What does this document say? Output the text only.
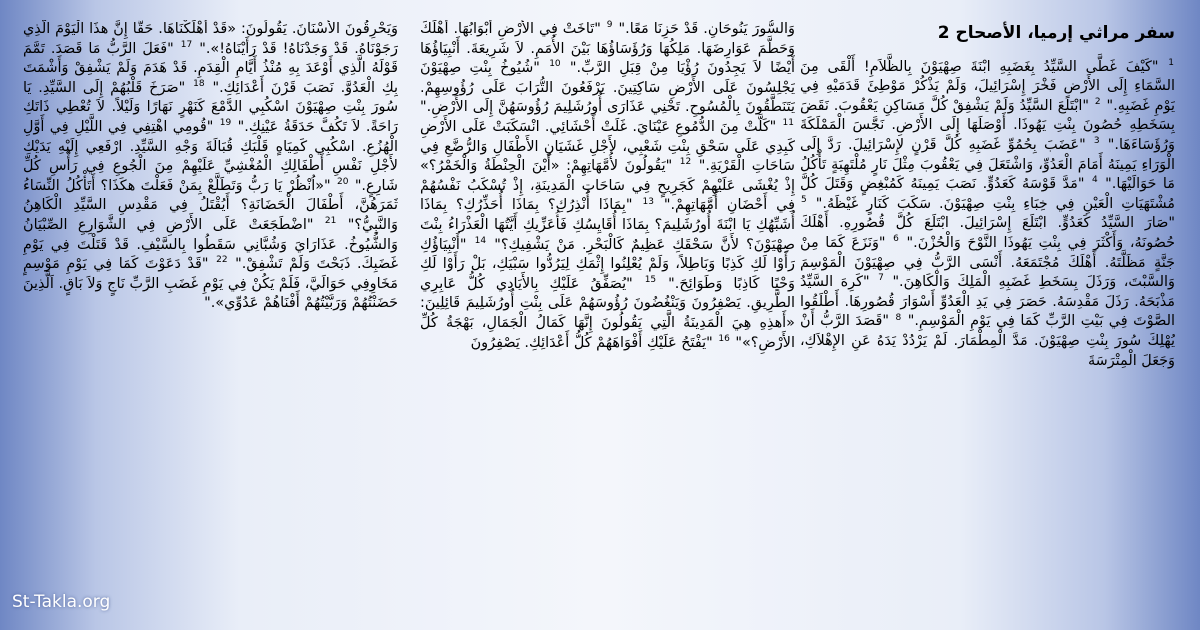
سفر مراثي إرميا، الأصحاح 2
$^1$ "كَيْفَ غَطَّى السَّيِّدُ بِغَضَبِهِ ابْنَةَ صِهْيَوْنَ بِالظَّلاَمِ! أَلْقَى مِنَ السَّمَاءِ إِلَى الأَرْضِ فَخْرَ إِسْرَائِيلَ، وَلَمْ يَذْكُرْ مَوْطِئَ قَدَمَيْهِ فِي يَوْمِ غَضَبِهِ." $^2$ "ابْتَلَعَ السَّيِّدُ وَلَمْ يَشْفِقْ كُلَّ مَسَاكِنِ يَعْقُوبَ. نَقَضَ بِسَخَطِهِ حُصُونَ بِنْتِ يَهُوذَا. أَوْصَلَهَا إِلَى الأَرْضِ. نَجَّسَ الْمَمْلَكَةَ وَرُؤَسَاءَهَا." $^3$ "عَضَبَ بِحُمُوِّ غَضَبِهِ كُلَّ قَرْنٍ لإِسْرَائِيلَ. رَدَّ إِلَى الْوَرَاءِ يَمِينَهُ أَمَامَ الْعَدُوِّ، وَاشْتَعَلَ فِي يَعْقُوبَ مِثْلَ نَارٍ مُلْتَهِبَةٍ تَأْكُلُ مَا حَوَالَيْهَا." $^4$ "مَدَّ قَوْسَهُ كَعَدُوٍّ. نَصَبَ يَمِينَهُ كَمُبْغِضٍ وَقَتَلَ كُلَّ مُشْتَهَيَاتِ الْعَيْنِ فِي خِبَاءِ بِنْتِ صِهْيَوْنَ. سَكَبَ كَنَارٍ غَيْظَهُ." $^5$ "صَارَ السَّيِّدُ كَعَدُوٍّ. ابْتَلَعَ إِسْرَائِيلَ. ابْتَلَعَ كُلَّ قُصُورِهِ. أَهْلَكَ حُصُونَهُ، وَأَكْثَرَ فِي بِنْتِ يَهُوذَا النَّوْحَ وَالْحُزْنَ." $^6$ "وَنَزَعَ كَمَا مِنْ جَنَّةٍ مَظَلَّتَهُ. أَهْلَكَ مُجْتَمَعَهُ. أَنْسَى الرَّبُّ فِي صِهْيَوْنَ الْمَوْسِمَ وَالسَّبْتَ، وَرَذَلَ بِسَخَطِ غَضَبِهِ الْمَلِكَ وَالْكَاهِنَ." $^7$ "كَرِهَ السَّيِّدُ مَذْبَحَهُ. رَذَلَ مَقْدِسَهُ. حَصَرَ فِي يَدِ الْعَدُوِّ أَسْوَارَ قُصُورِهَا. أَطْلَقُوا الصَّوْتَ فِي بَيْتِ الرَّبِّ كَمَا فِي يَوْمِ الْمَوْسِمِ." $^8$ "قَصَدَ الرَّبُّ أَنْ يُهْلِكَ سُورَ بِنْتِ صِهْيَوْنَ. مَدَّ الْمِطْمَارَ. لَمْ يَرْدُدْ يَدَهُ عَنِ الإِهْلاَكِ، وَجَعَلَ الْمِتْرَسَةَ
وَالسُّورَ يَنُوحَانِ. قَدْ حَزِنَا مَعًا." $^9$ "تَاخَتْ فِي الأَرْضِ أَبْوَابُهَا. أَهْلَكَ وَحَطَّمَ عَوَارِضَهَا. مَلِكُهَا وَرُؤَسَاؤُهَا بَيْنَ الأُمَمِ. لاَ شَرِيعَةَ. أَنْبِيَاؤُهَا أَيْضًا لاَ يَجِدُونَ رُؤْيَا مِنْ قِبَلِ الرَّبِّ." $^{10}$ "شُيُوخُ بِنْتِ صِهْيَوْنَ يَجْلِسُونَ عَلَى الأَرْضِ سَاكِتِينَ. يَرْفَعُونَ التُّرَابَ عَلَى رُؤُوسِهِمْ. يَتَنَطَّقُونَ بِالْمُسُوحِ. تَحْنِي عَذَارَى أُورُشَلِيمَ رُؤُوسَهُنَّ إِلَى الأَرْضِ." $^{11}$ "كَلَّتْ مِنَ الدُّمُوعِ عَيْنَايَ. غَلَتْ أَحْشَائِي. انْسَكَبَتْ عَلَى الأَرْضِ كَبِدِي عَلَى سَحْقِ بِنْتِ شَعْبِي، لأَجْلِ غَشَيَانِ الأَطْفَالِ وَالرُّضَّعِ فِي سَاحَاتِ الْقَرْيَةِ." $^{12}$ "يَقُولُونَ لأُمَّهَاتِهِمْ: «أَيْنَ الْحِنْطَةُ وَالْخَمْرُ؟» إِذْ يُغْشَى عَلَيْهِمْ كَجَرِيحٍ فِي سَاحَاتِ الْمَدِينَةِ، إِذْ تُسْكَبُ نَفْسُهُمْ فِي أَحْضَانِ أُمَّهَاتِهِمْ." $^{13}$ "بِمَاذَا أُنْذِرُكِ؟ بِمَاذَا أُحَذِّرُكِ؟ بِمَاذَا أُشَبِّهُكِ يَا ابْنَةَ أُورُشَلِيمَ؟ بِمَاذَا أُقَايِسُكِ فَأُعَزِّيكِ أَيَّتُهَا الْعَذْرَاءُ بِنْتَ صِهْيَوْنَ؟ لأَنَّ سَحْقَكِ عَظِيمٌ كَالْبَحْرِ. مَنْ يَشْفِيكِ؟" $^{14}$ "أَنْبِيَاؤُكِ رَأَوْا لَكِ كَذِبًا وَبَاطِلاً، وَلَمْ يُعْلِنُوا إِثْمَكِ لِيَرُدُّوا سَبْيَكِ، بَلْ رَأَوْا لَكِ وَحْيًا كَاذِبًا وَطَوَائِحَ." $^{15}$ "يُصَفِّقُ عَلَيْكِ بِالأَيَادِي كُلُّ عَابِرِي الطَّرِيقِ. يَصْفِرُونَ وَيَنْغُضُونَ رُؤُوسَهُمْ عَلَى بِنْتِ أُورُشَلِيمَ قَائِلِينَ: «أَهذِهِ هِيَ الْمَدِينَةُ الَّتِي يَقُولُونَ إِنَّهَا كَمَالُ الْجَمَالِ، بَهْجَةُ كُلِّ الأَرْضِ؟»" $^{16}$ "يَفْتَحُ عَلَيْكِ أَفْوَاهَهُمْ كُلُّ أَعْدَائِكِ. يَصْفِرُونَ
وَيَحْرِقُونَ الأَسْنَانَ. يَقُولُونَ: «قَدْ أَهْلَكْنَاهَا. حَقًّا إِنَّ هذَا الْيَوْمَ الَّذِي رَجَوْنَاهُ. قَدْ وَجَدْنَاهُ! قَدْ رَأَيْنَاهُ!»." $^{17}$ "فَعَلَ الرَّبُّ مَا قَصَدَ. تَمَّمَ قَوْلَهُ الَّذِي أَوْعَدَ بِهِ مُنْذُ أَيَّامِ الْقِدَمِ. قَدْ هَدَمَ وَلَمْ يَشْفِقْ وَأَشْمَتَ بِكِ الْعَدُوَّ. نَصَبَ قَرْنَ أَعْدَائِكِ." $^{18}$ "صَرَخَ قَلْبُهُمْ إِلَى السَّيِّدِ. يَا سُورَ بِنْتِ صِهْيَوْنَ اسْكُبِي الدَّمْعَ كَنَهْرٍ نَهَارًا وَلَيْلاً. لاَ تُعْطِي ذَاتَكِ رَاحَةً. لاَ تَكُفَّ حَدَقَةُ عَيْنِكِ." $^{19}$ "قُومِي اهْتِفِي فِي اللَّيْلِ فِي أَوَّلِ الْهُزُعِ. اسْكُبِي كَمِيَاهٍ قَلْبَكِ قُبَالَةَ وَجْهِ السَّيِّدِ. ارْفَعِي إِلَيْهِ يَدَيْكِ لأَجْلِ نَفْسِ أَطْفَالِكِ الْمُغْشِيِّ عَلَيْهِمْ مِنَ الْجُوعِ فِي رَأْسِ كُلِّ شَارِعٍ." $^{20}$ "«اُنْظُرْ يَا رَبُّ وَتَطَلَّعْ بِمَنْ فَعَلْتَ هكَذَا؟ أَتَأْكُلُ النِّسَاءُ ثَمَرَهُنَّ، أَطْفَالَ الْحَضَانَةِ؟ أَيُقْتَلُ فِي مَقْدِسِ السَّيِّدِ الْكَاهِنُ وَالنَّبِيُّ؟" $^{21}$ "اضْطَجَعَتْ عَلَى الأَرْضِ فِي الشَّوَارِعِ الصِّبْيَانُ وَالشُّيُوخُ. عَذَارَايَ وَشُبَّانِي سَقَطُوا بِالسَّيْفِ. قَدْ قَتَلْتَ فِي يَوْمِ غَضَبِكَ. ذَبَحْتَ وَلَمْ تَشْفِقْ." $^{22}$ "قَدْ دَعَوْتَ كَمَا فِي يَوْمِ مَوْسِمٍ مَخَاوِفِي حَوَالَيَّ، فَلَمْ يَكُنْ فِي يَوْمِ غَضَبِ الرَّبِّ نَاجٍ وَلاَ بَاقٍ. اَلَّذِينَ حَضَنْتُهُمْ وَرَبَّيْتُهُمْ أَفْنَاهُمْ عَدُوِّي»."
St-Takla.org
